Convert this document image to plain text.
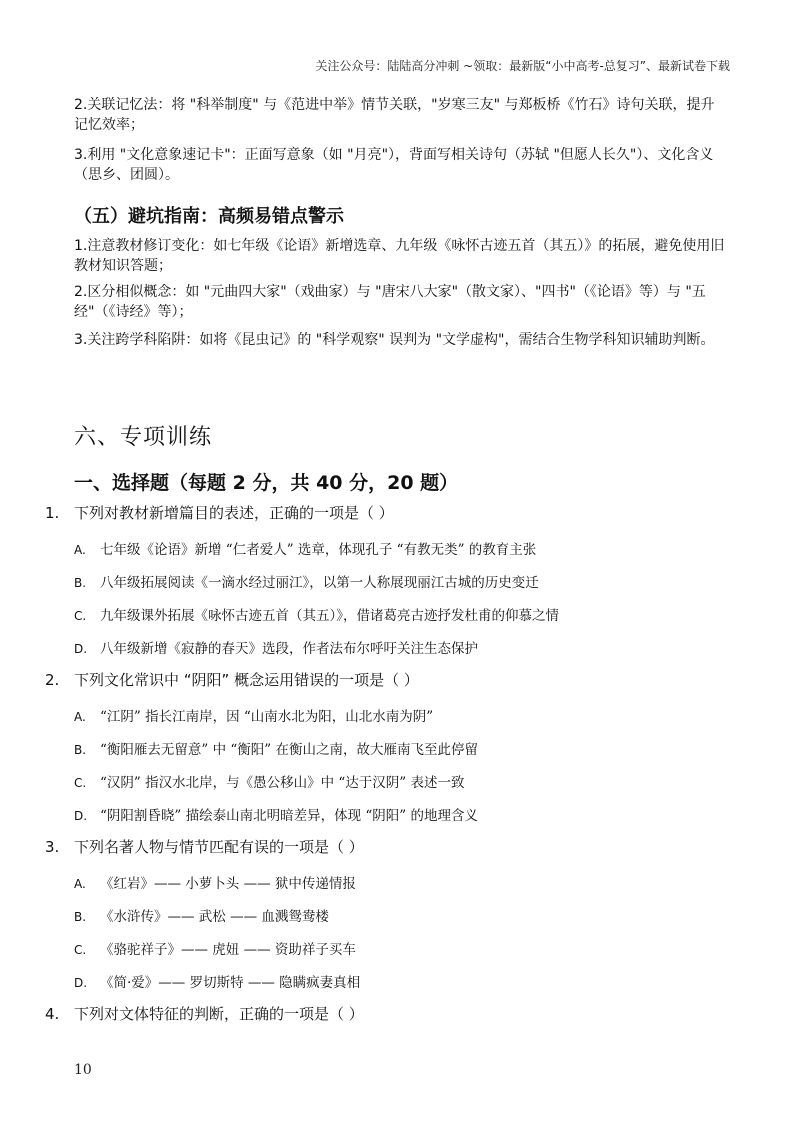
关注公众号：陆陆高分冲刺 ~领取：最新版“小中高考-总复习”、最新试卷下载
2.关联记忆法：将 "科举制度" 与《范进中举》情节关联，"岁寒三友" 与郑板桥《竹石》诗句关联，提升记忆效率；
3.利用 "文化意象速记卡"：正面写意象（如 "月亮"），背面写相关诗句（苏轼 "但愿人长久"）、文化含义（思乡、团圆）。
（五）避坑指南：高频易错点警示
1.注意教材修订变化：如七年级《论语》新增选章、九年级《咏怀古迹五首（其五）》的拓展，避免使用旧教材知识答题；
2.区分相似概念：如 "元曲四大家"（戏曲家）与 "唐宋八大家"（散文家）、"四书"（《论语》等）与 "五经"（《诗经》等）；
3.关注跨学科陷阱：如将《昆虫记》的 "科学观察" 误判为 "文学虚构"，需结合生物学科知识辅助判断。
六、专项训练
一、选择题（每题 2 分，共 40 分，20 题）
1. 下列对教材新增篇目的表述，正确的一项是（ ）
A. 七年级《论语》新增 “仁者爱人” 选章，体现孔子 “有教无类” 的教育主张
B. 八年级拓展阅读《一滴水经过丽江》，以第一人称展现丽江古城的历史变迁
C. 九年级课外拓展《咏怀古迹五首（其五）》，借诸葛亮古迹抒发杜甫的仰慕之情
D. 八年级新增《寂静的春天》选段，作者法布尔呼吁关注生态保护
2. 下列文化常识中 “阴阳” 概念运用错误的一项是（ ）
A. “江阴” 指长江南岸，因 “山南水北为阳，山北水南为阴”
B. “衡阳雁去无留意” 中 “衡阳” 在衡山之南，故大雁南飞至此停留
C. “汉阴” 指汉水北岸，与《愚公移山》中 “达于汉阴” 表述一致
D. “阴阳割昏晓” 描绘泰山南北明暗差异，体现 “阴阳” 的地理含义
3. 下列名著人物与情节匹配有误的一项是（ ）
A. 《红岩》—— 小萝卜头 —— 狱中传递情报
B. 《水浒传》—— 武松 —— 血溅鸳鸯楼
C. 《骆驼祥子》—— 虎妞 —— 资助祥子买车
D. 《简·爱》—— 罗切斯特 —— 隐瞒疯妻真相
4. 下列对文体特征的判断，正确的一项是（ ）
10
